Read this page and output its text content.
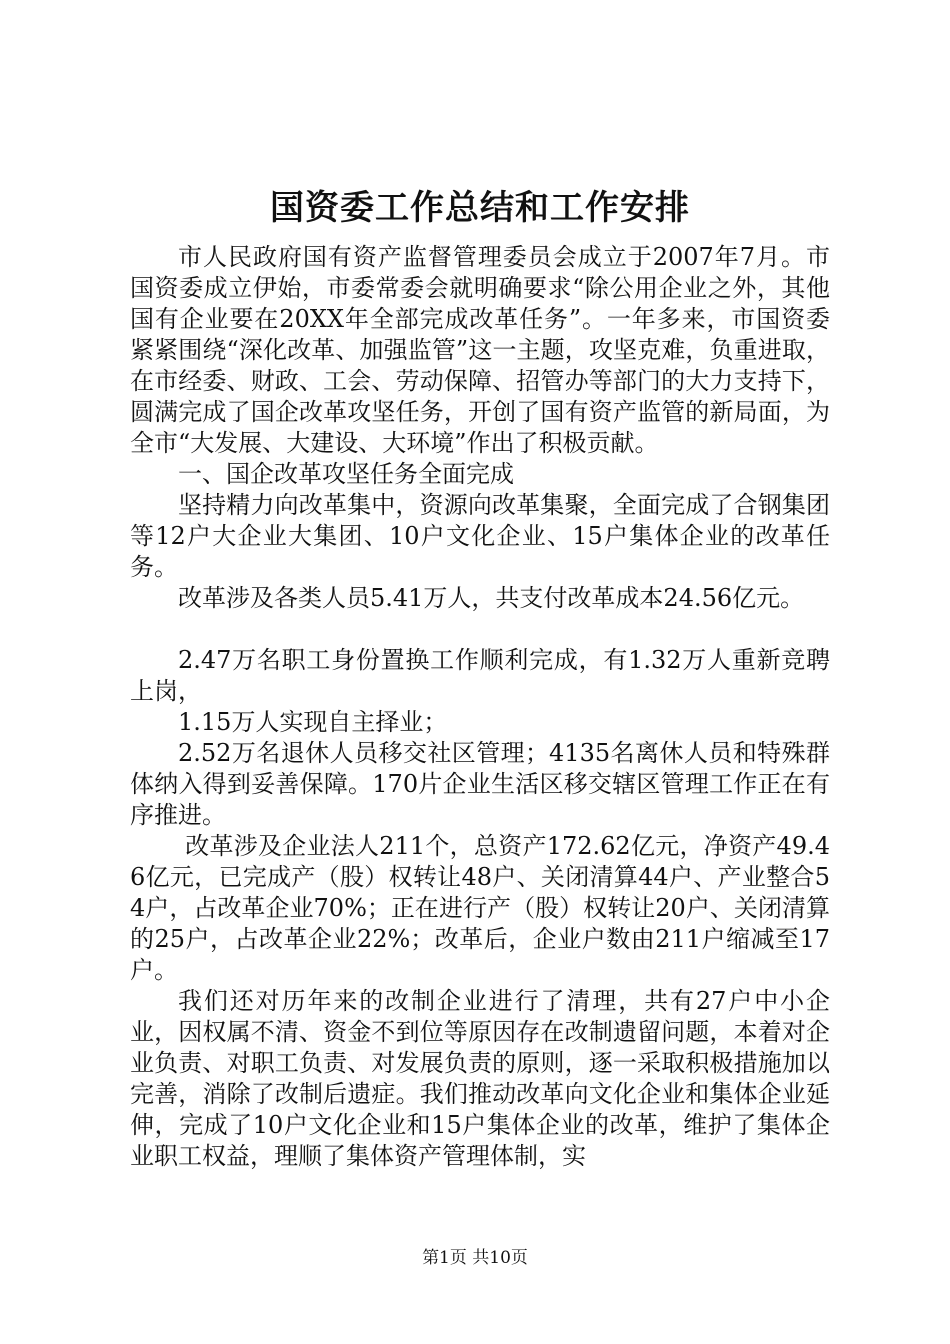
国资委工作总结和工作安排

市人民政府国有资产监督管理委员会成立于2007年7月。市国资委成立伊始，市委常委会就明确要求“除公用企业之外，其他国有企业要在20XX年全部完成改革任务”。一年多来，市国资委紧紧围绕“深化改革、加强监管”这一主题，攻坚克难，负重进取，在市经委、财政、工会、劳动保障、招管办等部门的大力支持下，圆满完成了国企改革攻坚任务，开创了国有资产监管的新局面，为全市“大发展、大建设、大环境”作出了积极贡献。

一、国企改革攻坚任务全面完成

坚持精力向改革集中，资源向改革集聚，全面完成了合钢集团等12户大企业大集团、10户文化企业、15户集体企业的改革任务。

改革涉及各类人员5.41万人，共支付改革成本24.56亿元。

2.47万名职工身份置换工作顺利完成，有1.32万人重新竞聘上岗，

1.15万人实现自主择业；

2.52万名退休人员移交社区管理；4135名离休人员和特殊群体纳入得到妥善保障。170片企业生活区移交辖区管理工作正在有序推进。

改革涉及企业法人211个，总资产172.62亿元，净资产49.46亿元，已完成产（股）权转让48户、关闭清算44户、产业整合54户，占改革企业70%；正在进行产（股）权转让20户、关闭清算的25户，占改革企业22%；改革后，企业户数由211户缩减至17户。

我们还对历年来的改制企业进行了清理，共有27户中小企业，因权属不清、资金不到位等原因存在改制遗留问题，本着对企业负责、对职工负责、对发展负责的原则，逐一采取积极措施加以完善，消除了改制后遗症。我们推动改革向文化企业和集体企业延伸，完成了10户文化企业和15户集体企业的改革，维护了集体企业职工权益，理顺了集体资产管理体制，实

第1页 共10页
